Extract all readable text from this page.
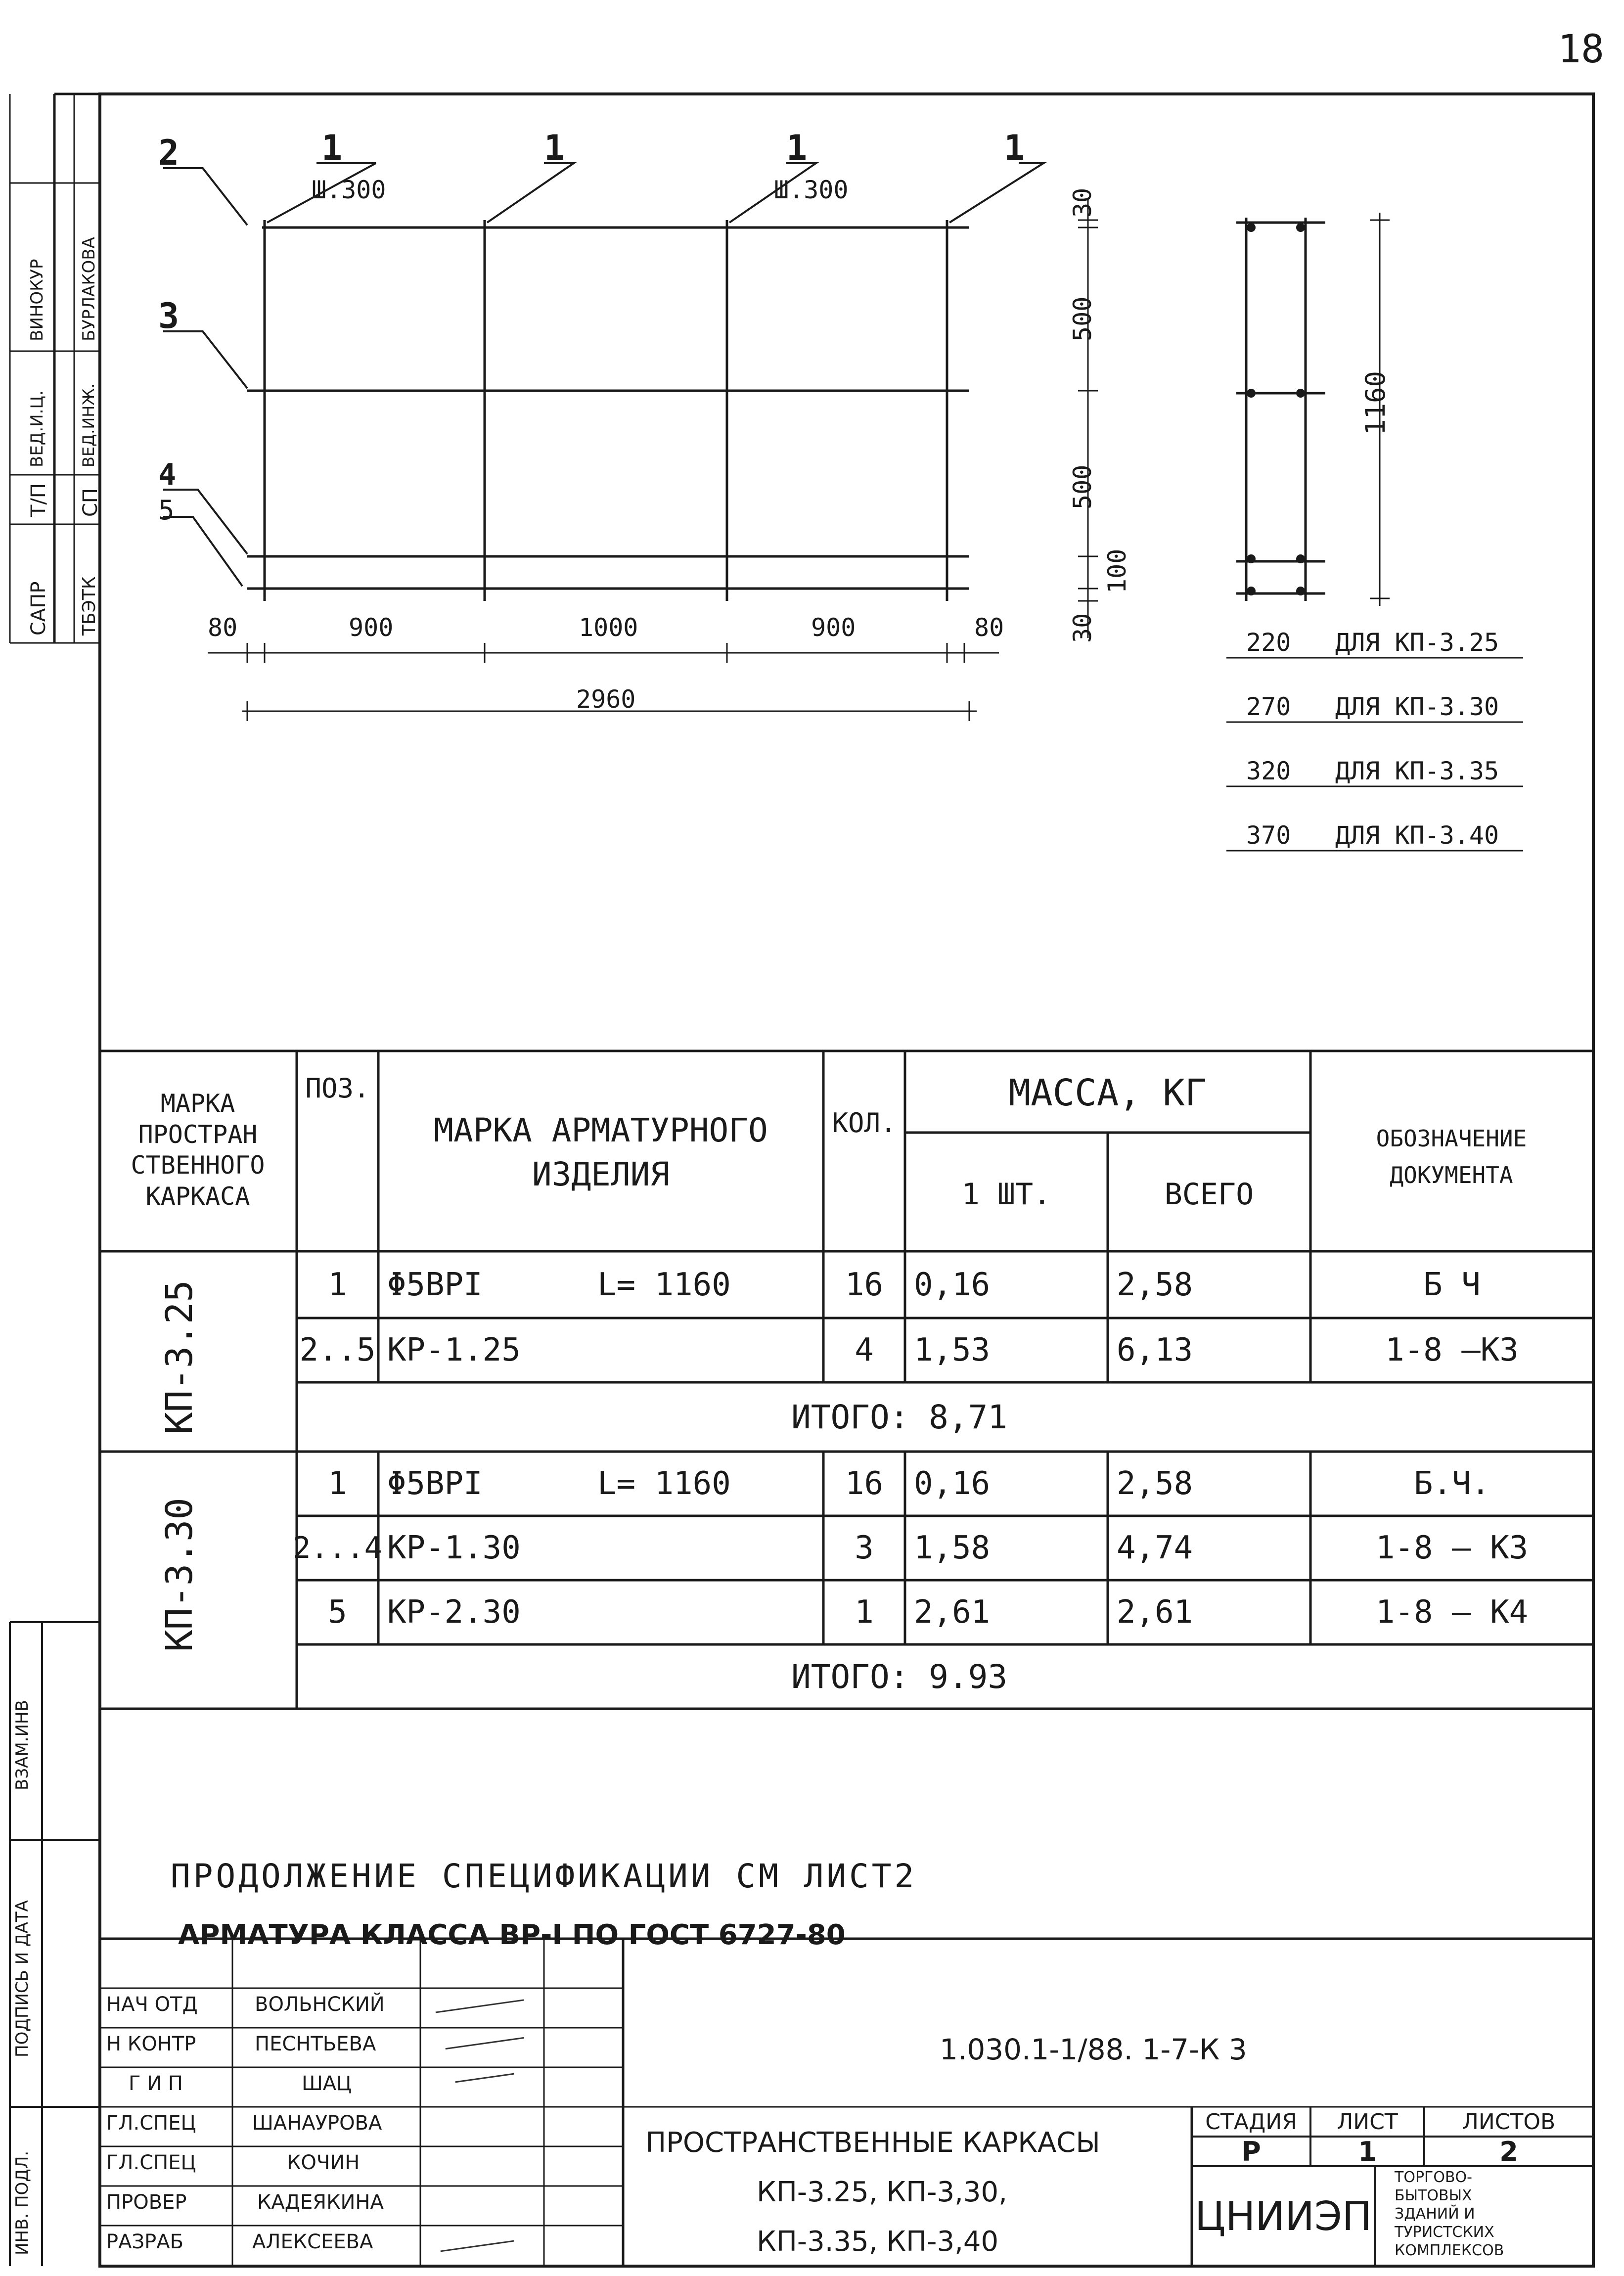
18
САПР
Т/П
ВЕД.И.Ц.
ВИНОКУР
ТБЭТК
СП
ВЕД.ИНЖ.
БУРЛАКОВА
ВЗАМ.ИНВ
ПОДПИСЬ И ДАТА
ИНВ. ПОДЛ.
2	1	1	1	1
3
4
5
Ш.300	Ш.300
80	900	1000	900	80
2960
30
500
500
100
30
1160
220 ДЛЯ КП-3.25
270 ДЛЯ КП-3.30
320 ДЛЯ КП-3.35
370 ДЛЯ КП-3.40
МАРКА ПРОСТРАН СТВЕННОГО КАРКАСА
ПОЗ.
МАРКА АРМАТУРНОГО ИЗДЕЛИЯ
КОЛ.
МАССА, КГ
1 ШТ.	ВСЕГО
ОБОЗНАЧЕНИЕ ДОКУМЕНТА
КП-3.25	1	Φ5ВРI	L= 1160	16 0,16	2,58	Б Ч
2..5 КР-1.25	4	1,53	6,13	1-8 —К3
ИТОГО: 8,71
КП-3.30
1	Φ5ВРI	L= 1160	16 0,16	2,58	Б.Ч.
2...4 КР-1.30	3	1,58	4,74	1-8 — К3
5	КР-2.30	1	2,61	2,61	1-8 — К4
ИТОГО: 9.93
ПРОДОЛЖЕНИЕ СПЕЦИФИКАЦИИ СМ ЛИСТ2
АРМАТУРА КЛАССА ВР-I ПО ГОСТ 6727-80
НАЧ ОТД	ВОЛЬНСКИЙ
Н КОНТР	ПЕСНТЬЕВА
Г И П	ШАЦ
ГЛ.СПЕЦ	ШАНАУРОВА
ГЛ.СПЕЦ	КОЧИН
ПРОВЕР	КАДЕЯКИНА
РАЗРАБ	АЛЕКСЕЕВА
1.030.1-1/88. 1-7-К 3
ПРОСТРАНСТВЕННЫЕ КАРКАСЫ
КП-3.25, КП-3,30,
КП-3.35, КП-3,40
СТАДИЯ	ЛИСТ	ЛИСТОВ
Р	1	2
ЦНИИЭП
ТОРГОВО-
БЫТОВЫХ
ЗДАНИЙ И
ТУРИСТСКИХ
КОМПЛЕКСОВ
